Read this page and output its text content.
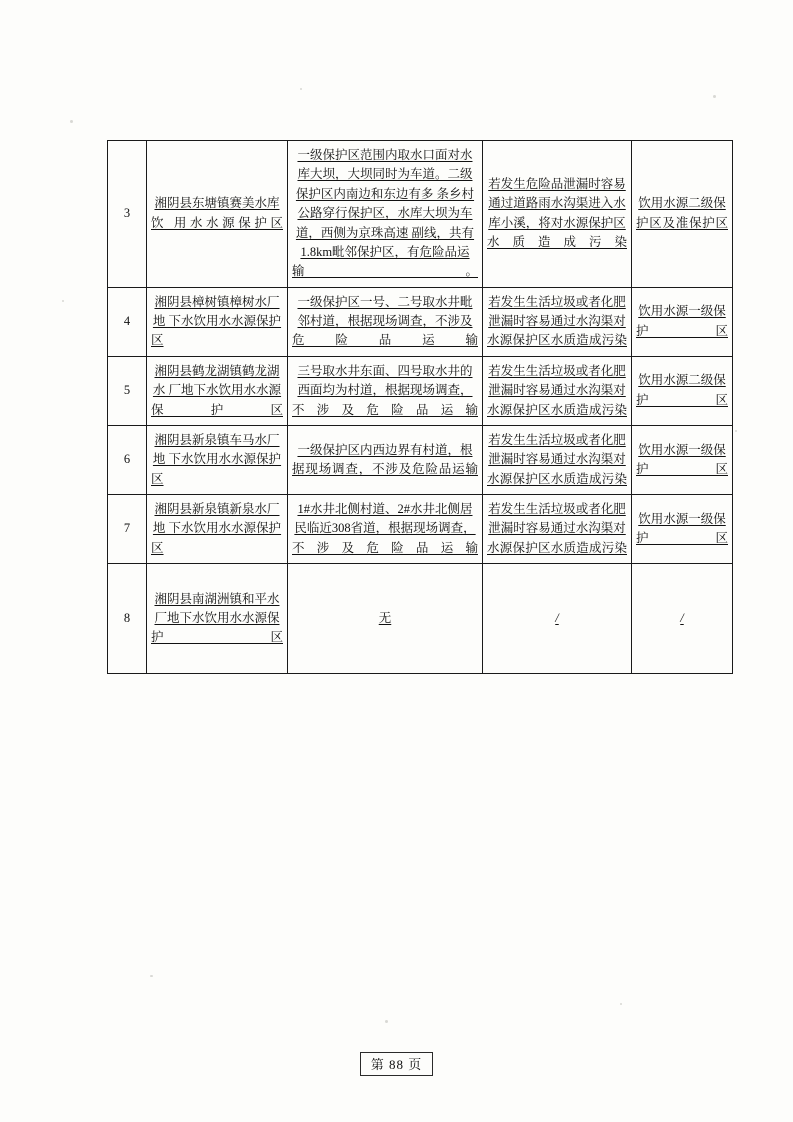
3	湘阴县东塘镇赛美水库饮 用水水源保护区	一级保护区范围内取水口面对水库大坝，大坝同时为车道。二级保护区内南边和东边有多 条乡村公路穿行保护区，水库大坝为车道，西侧为京珠高速 副线，共有1.8km毗邻保护区，有危险品运输。	若发生危险品泄漏时容易通过道路雨水沟渠进入水库小溪，将对水源保护区水质造成污染	饮用水源二级保护区及准保护区
4	湘阴县樟树镇樟树水厂地 下水饮用水水源保护区	一级保护区一号、二号取水井毗邻村道，根据现场调查，不涉及危险品运输	若发生生活垃圾或者化肥泄漏时容易通过水沟渠对水源保护区水质造成污染	饮用水源一级保护区
5	湘阴县鹤龙湖镇鹤龙湖水 厂地下水饮用水水源保护区	三号取水井东面、四号取水井的西面均为村道，根据现场调查，不涉及危险品运输	若发生生活垃圾或者化肥泄漏时容易通过水沟渠对水源保护区水质造成污染	饮用水源二级保护区
6	湘阴县新泉镇车马水厂 地 下水饮用水水源保护区	一级保护区内西边界有村道，根据现场调查，不涉及危险品运输	若发生生活垃圾或者化肥泄漏时容易通过水沟渠对水源保护区水质造成污染	饮用水源一级保护区
7	湘阴县新泉镇新泉水厂 地 下水饮用水水源保护区	1#水井北侧村道、2#水井北侧居民临近308省道，根据现场调查，不涉及危险品运输	若发生生活垃圾或者化肥泄漏时容易通过水沟渠对水源保护区水质造成污染	饮用水源一级保护区
8	湘阴县南湖洲镇和平水厂地下水饮用水水源保护区	无	/	/
第 88 页
